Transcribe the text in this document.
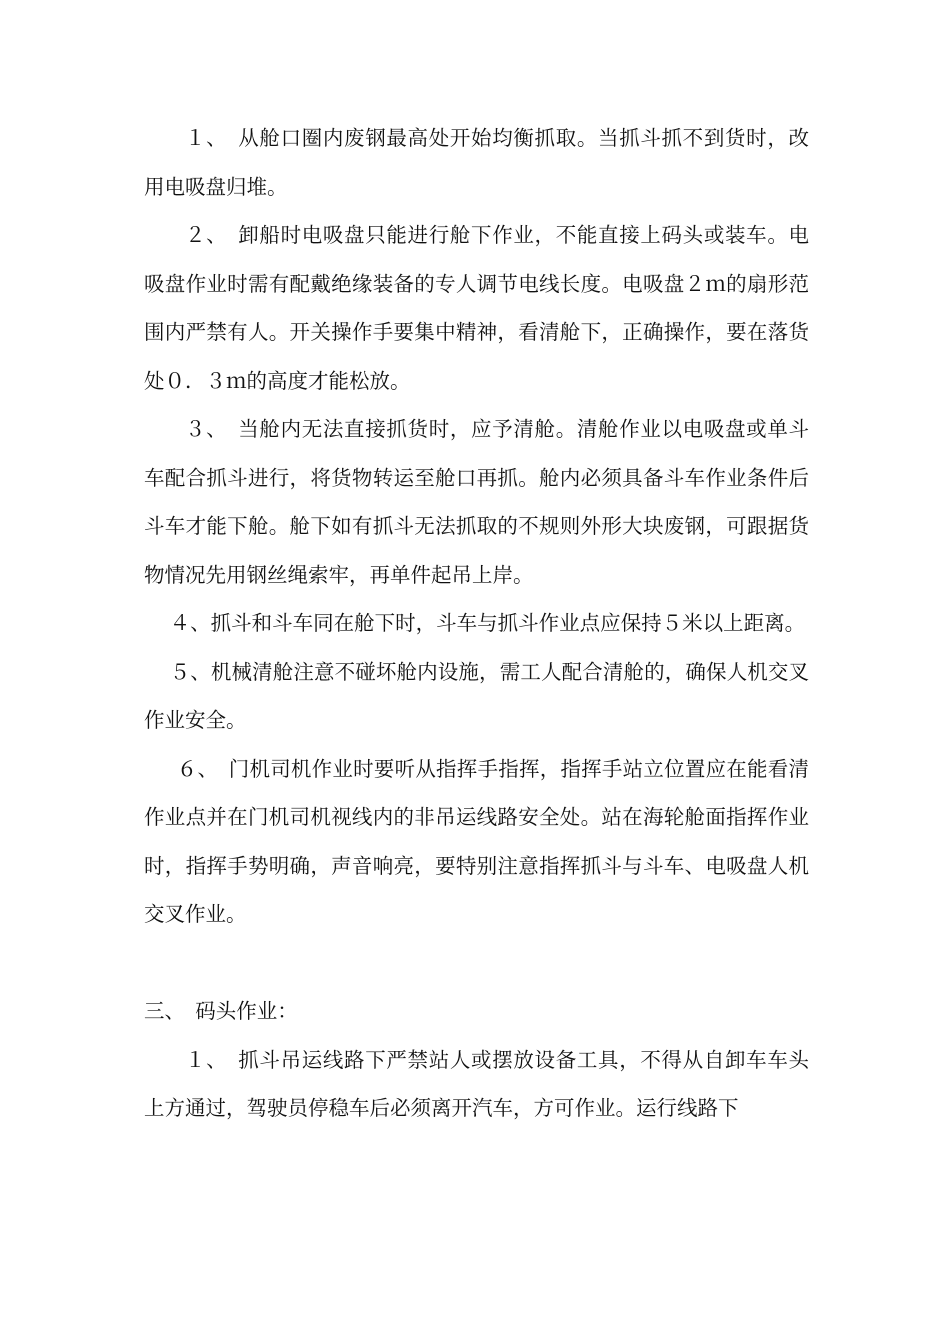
１、　从舱口圈内废钢最高处开始均衡抓取。当抓斗抓不到货时，改用电吸盘归堆。

２、　卸船时电吸盘只能进行舱下作业，不能直接上码头或装车。电吸盘作业时需有配戴绝缘装备的专人调节电线长度。电吸盘２ｍ的扇形范围内严禁有人。开关操作手要集中精神，看清舱下，正确操作，要在落货处０．３ｍ的高度才能松放。

３、　当舱内无法直接抓货时，应予清舱。清舱作业以电吸盘或单斗车配合抓斗进行，将货物转运至舱口再抓。舱内必须具备斗车作业条件后斗车才能下舱。舱下如有抓斗无法抓取的不规则外形大块废钢，可跟据货物情况先用钢丝绳索牢，再单件起吊上岸。

４、抓斗和斗车同在舱下时，斗车与抓斗作业点应保持５米以上距离。

５、机械清舱注意不碰坏舱内设施，需工人配合清舱的，确保人机交叉作业安全。

６、　门机司机作业时要听从指挥手指挥，指挥手站立位置应在能看清作业点并在门机司机视线内的非吊运线路安全处。站在海轮舱面指挥作业时，指挥手势明确，声音响亮，要特别注意指挥抓斗与斗车、电吸盘人机交叉作业。

三、　码头作业：

１、　抓斗吊运线路下严禁站人或摆放设备工具，不得从自卸车车头上方通过，驾驶员停稳车后必须离开汽车，方可作业。运行线路下
